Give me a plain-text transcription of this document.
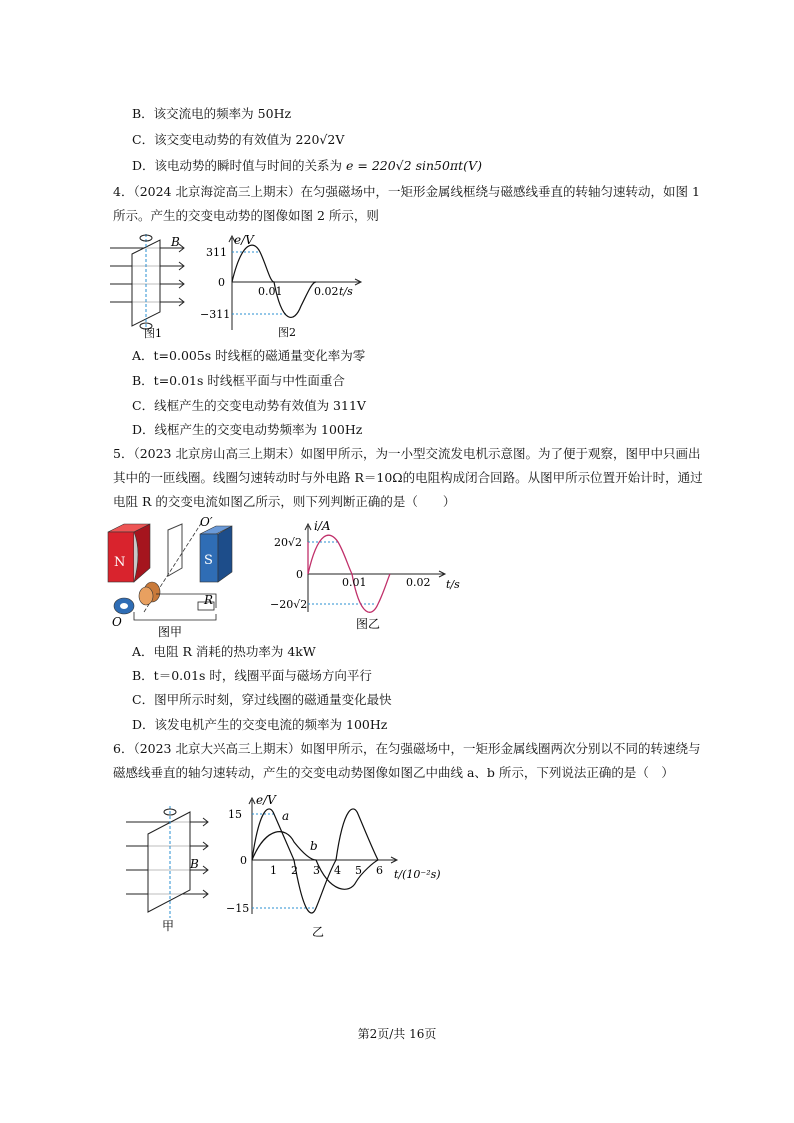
B．该交流电的频率为 50Hz
C．该交变电动势的有效值为 220√2V
D．该电动势的瞬时值与时间的关系为 e = 220√2 sin50πt(V)
4．（2024 北京海淀高三上期末）在匀强磁场中，一矩形金属线框绕与磁感线垂直的转轴匀速转动，如图 1
所示。产生的交变电动势的图像如图 2 所示，则
B
图1
e/V
311
0
−311
0.01	0.02 t/s
图2
A．t=0.005s 时线框的磁通量变化率为零
B．t=0.01s 时线框平面与中性面重合
C．线框产生的交变电动势有效值为 311V
D．线框产生的交变电动势频率为 100Hz
5．（2023 北京房山高三上期末）如图甲所示，为一小型交流发电机示意图。为了便于观察，图甲中只画出
其中的一匝线圈。线圈匀速转动时与外电路 R＝10Ω的电阻构成闭合回路。从图甲所示位置开始计时，通过
电阻 R 的交变电流如图乙所示，则下列判断正确的是（　　）
N	S
O′
O
R
图甲
i/A
20√2
0
−20√2
0.01	0.02 t/s
图乙
A．电阻 R 消耗的热功率为 4kW
B．t＝0.01s 时，线圈平面与磁场方向平行
C．图甲所示时刻，穿过线圈的磁通量变化最快
D．该发电机产生的交变电流的频率为 100Hz
6．（2023 北京大兴高三上期末）如图甲所示，在匀强磁场中，一矩形金属线圈两次分别以不同的转速绕与
磁感线垂直的轴匀速转动，产生的交变电动势图像如图乙中曲线 a、b 所示，下列说法正确的是（　）
B
甲
e/V
15
0
−15
a
b
1 2 3 4 5 6 t/(10⁻²s)
乙
第2页/共 16页
